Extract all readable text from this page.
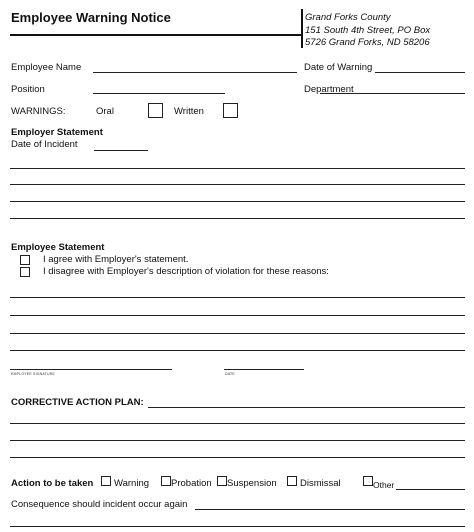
Employee Warning Notice	Grand Forks County
151 South 4th Street, PO Box
5726 Grand Forks, ND 58206
Employee Name	Date of Warning
Position	Department
WARNINGS:	Oral	Written
Employer Statement
Date of Incident
Employee Statement
I agree with Employer's statement.
I disagree with Employer's description of violation for these reasons:
EMPLOYEE SIGNATURE	DATE
CORRECTIVE ACTION PLAN:
Action to be taken Warning Probation Suspension Dismissal	Other
Consequence should incident occur again
